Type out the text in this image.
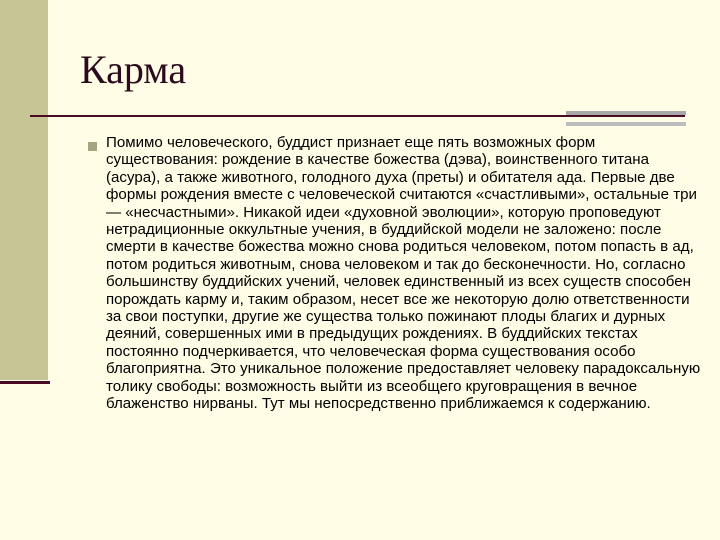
Карма

Помимо человеческого, буддист признает еще пять возможных форм существования: рождение в качестве божества (дэва), воинственного титана (асура), а также животного, голодного духа (преты) и обитателя ада. Первые две формы рождения вместе с человеческой считаются «счастливыми», остальные три — «несчастными». Никакой идеи «духовной эволюции», которую проповедуют нетрадиционные оккультные учения, в буддийской модели не заложено: после смерти в качестве божества можно снова родиться человеком, потом попасть в ад, потом родиться животным, снова человеком и так до бесконечности. Но, согласно большинству буддийских учений, человек единственный из всех существ способен порождать карму и, таким образом, несет все же некоторую долю ответственности за свои поступки, другие же существа только пожинают плоды благих и дурных деяний, совершенных ими в предыдущих рождениях. В буддийских текстах постоянно подчеркивается, что человеческая форма существования особо благоприятна. Это уникальное положение предоставляет человеку парадоксальную толику свободы: возможность выйти из всеобщего круговращения в вечное блаженство нирваны. Тут мы непосредственно приближаемся к содержанию.
